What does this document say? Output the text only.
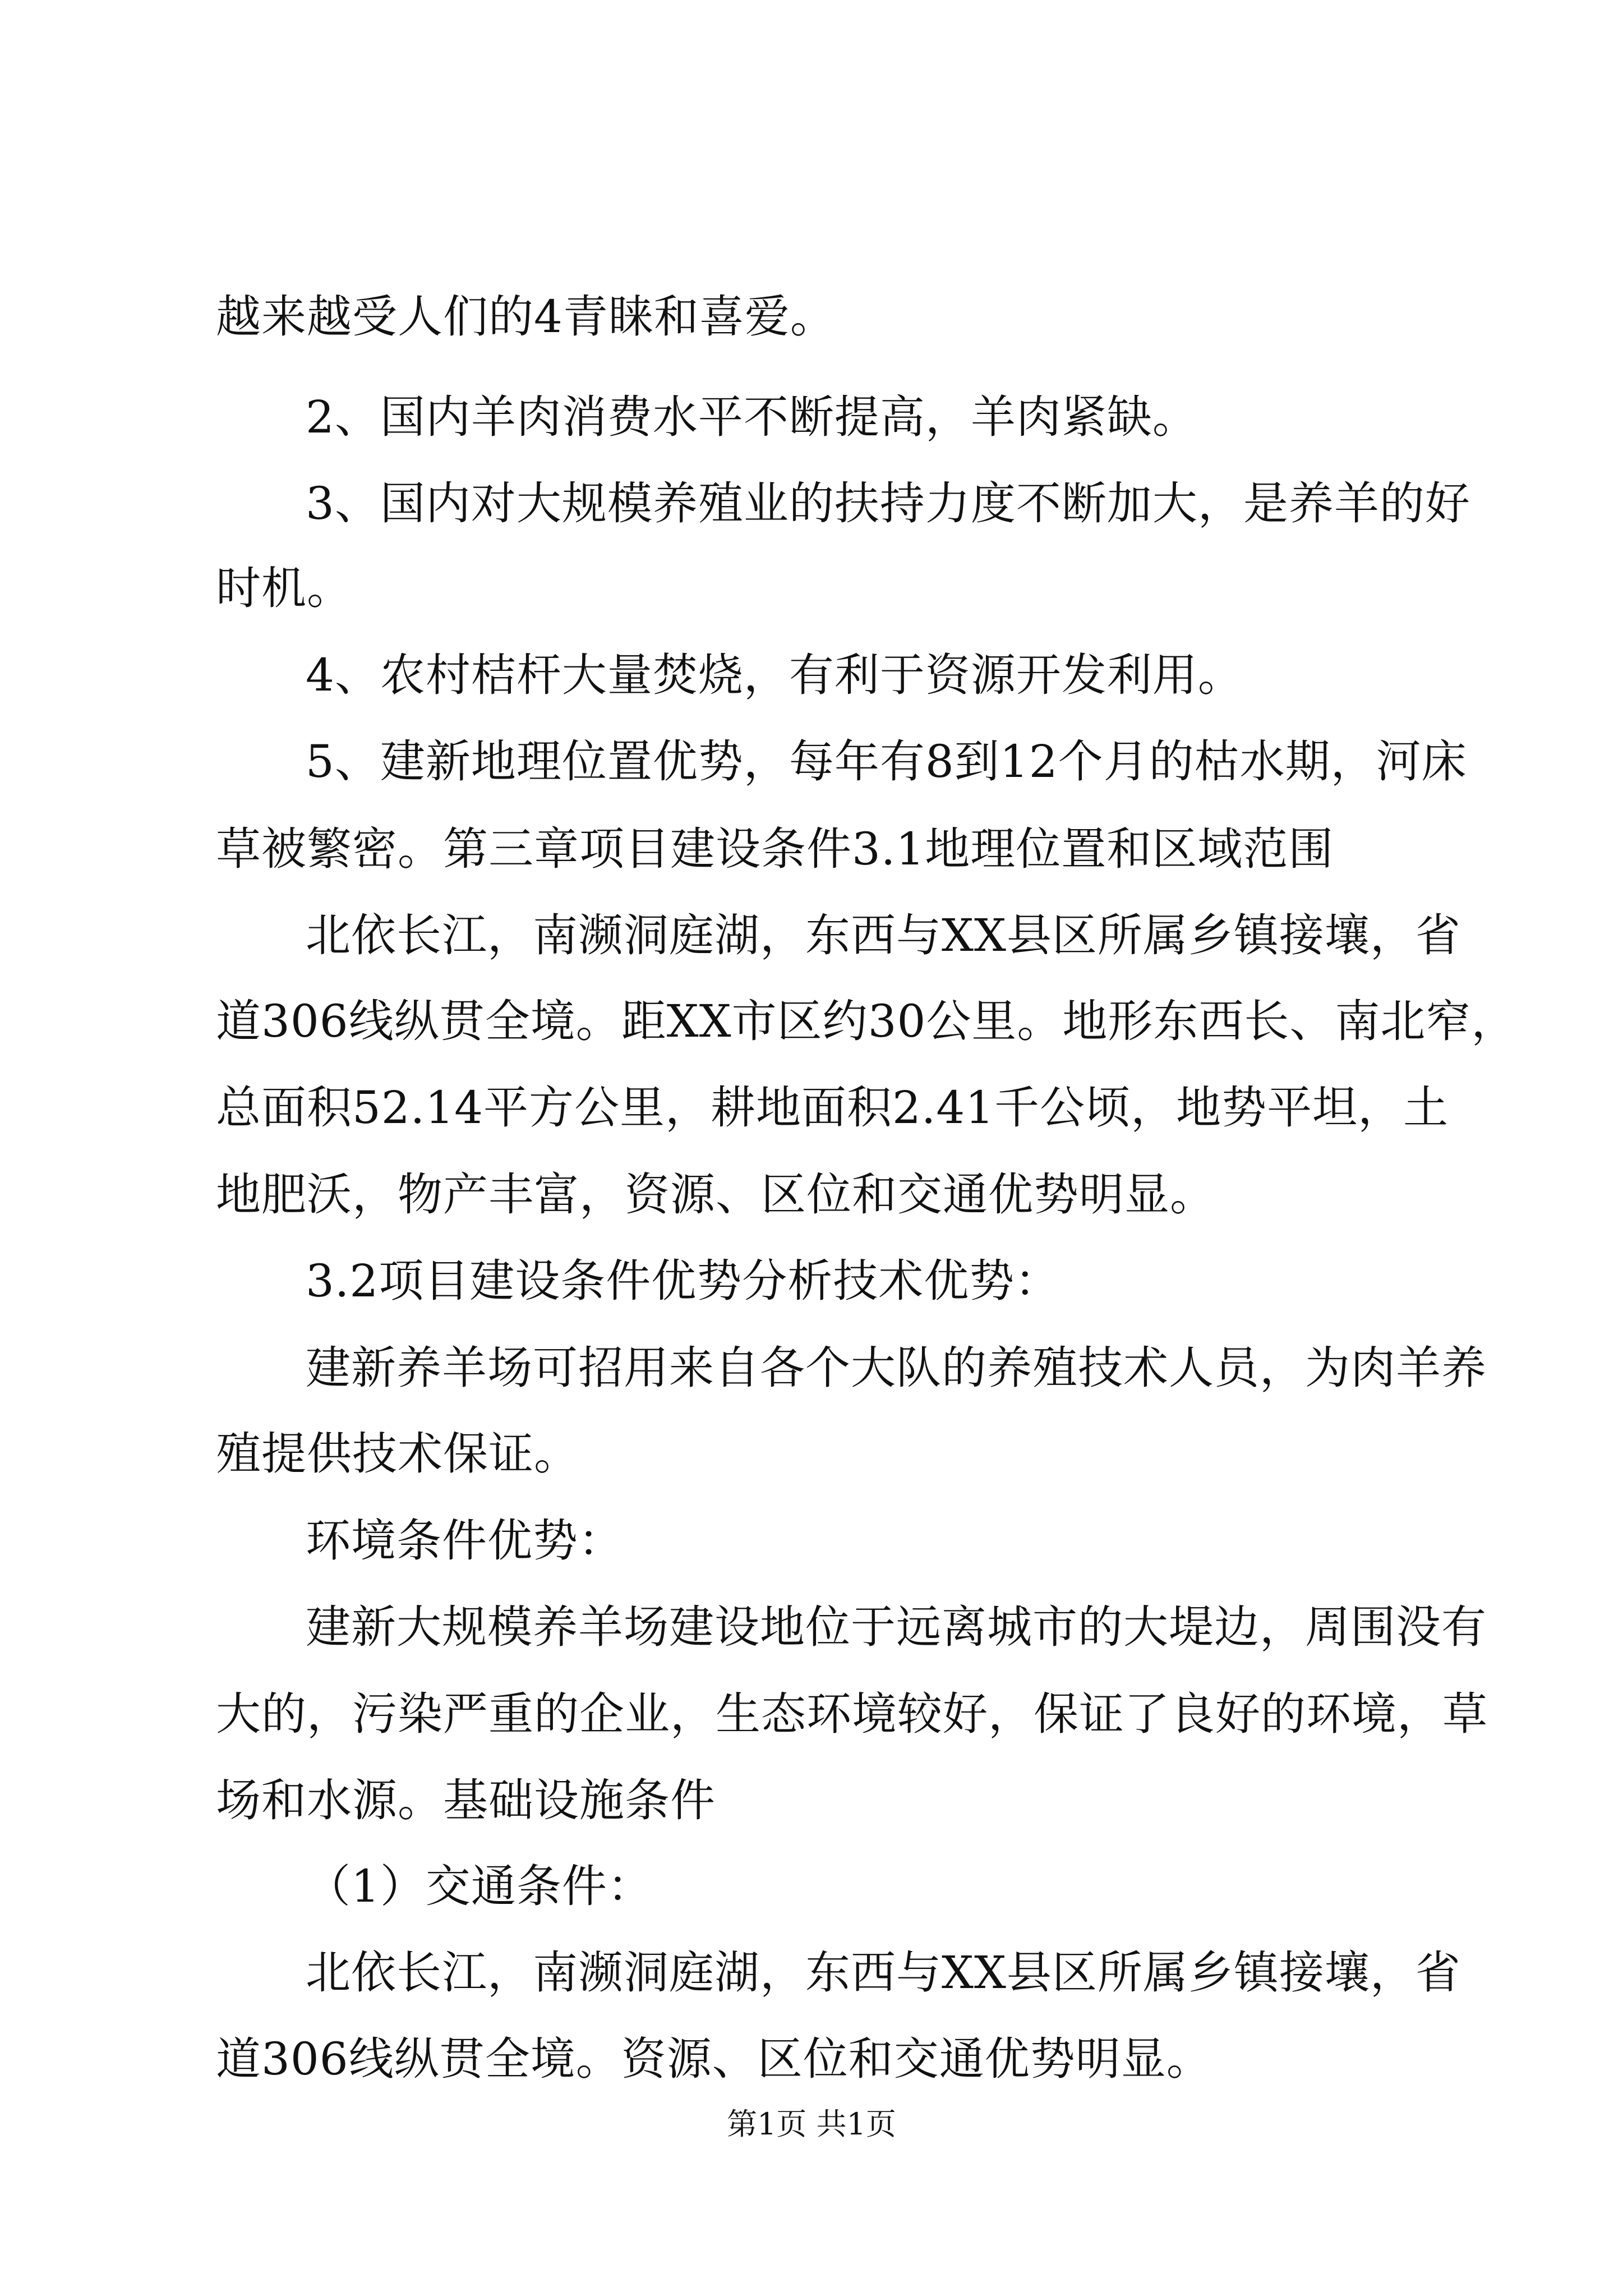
越来越受人们的4青睐和喜爱。
2、国内羊肉消费水平不断提高，羊肉紧缺。
3、国内对大规模养殖业的扶持力度不断加大，是养羊的好
时机。
4、农村桔杆大量焚烧，有利于资源开发利用。
5、建新地理位置优势，每年有8到12个月的枯水期，河床
草被繁密。第三章项目建设条件3.1地理位置和区域范围
北依长江，南濒洞庭湖，东西与XX县区所属乡镇接壤，省
道306线纵贯全境。距XX市区约30公里。地形东西长、南北窄，
总面积52.14平方公里，耕地面积2.41千公顷，地势平坦，土
地肥沃，物产丰富，资源、区位和交通优势明显。
3.2项目建设条件优势分析技术优势：
建新养羊场可招用来自各个大队的养殖技术人员，为肉羊养
殖提供技术保证。
环境条件优势：
建新大规模养羊场建设地位于远离城市的大堤边，周围没有
大的，污染严重的企业，生态环境较好，保证了良好的环境，草
场和水源。基础设施条件
（1）交通条件：
北依长江，南濒洞庭湖，东西与XX县区所属乡镇接壤，省
道306线纵贯全境。资源、区位和交通优势明显。
第1页 共1页
